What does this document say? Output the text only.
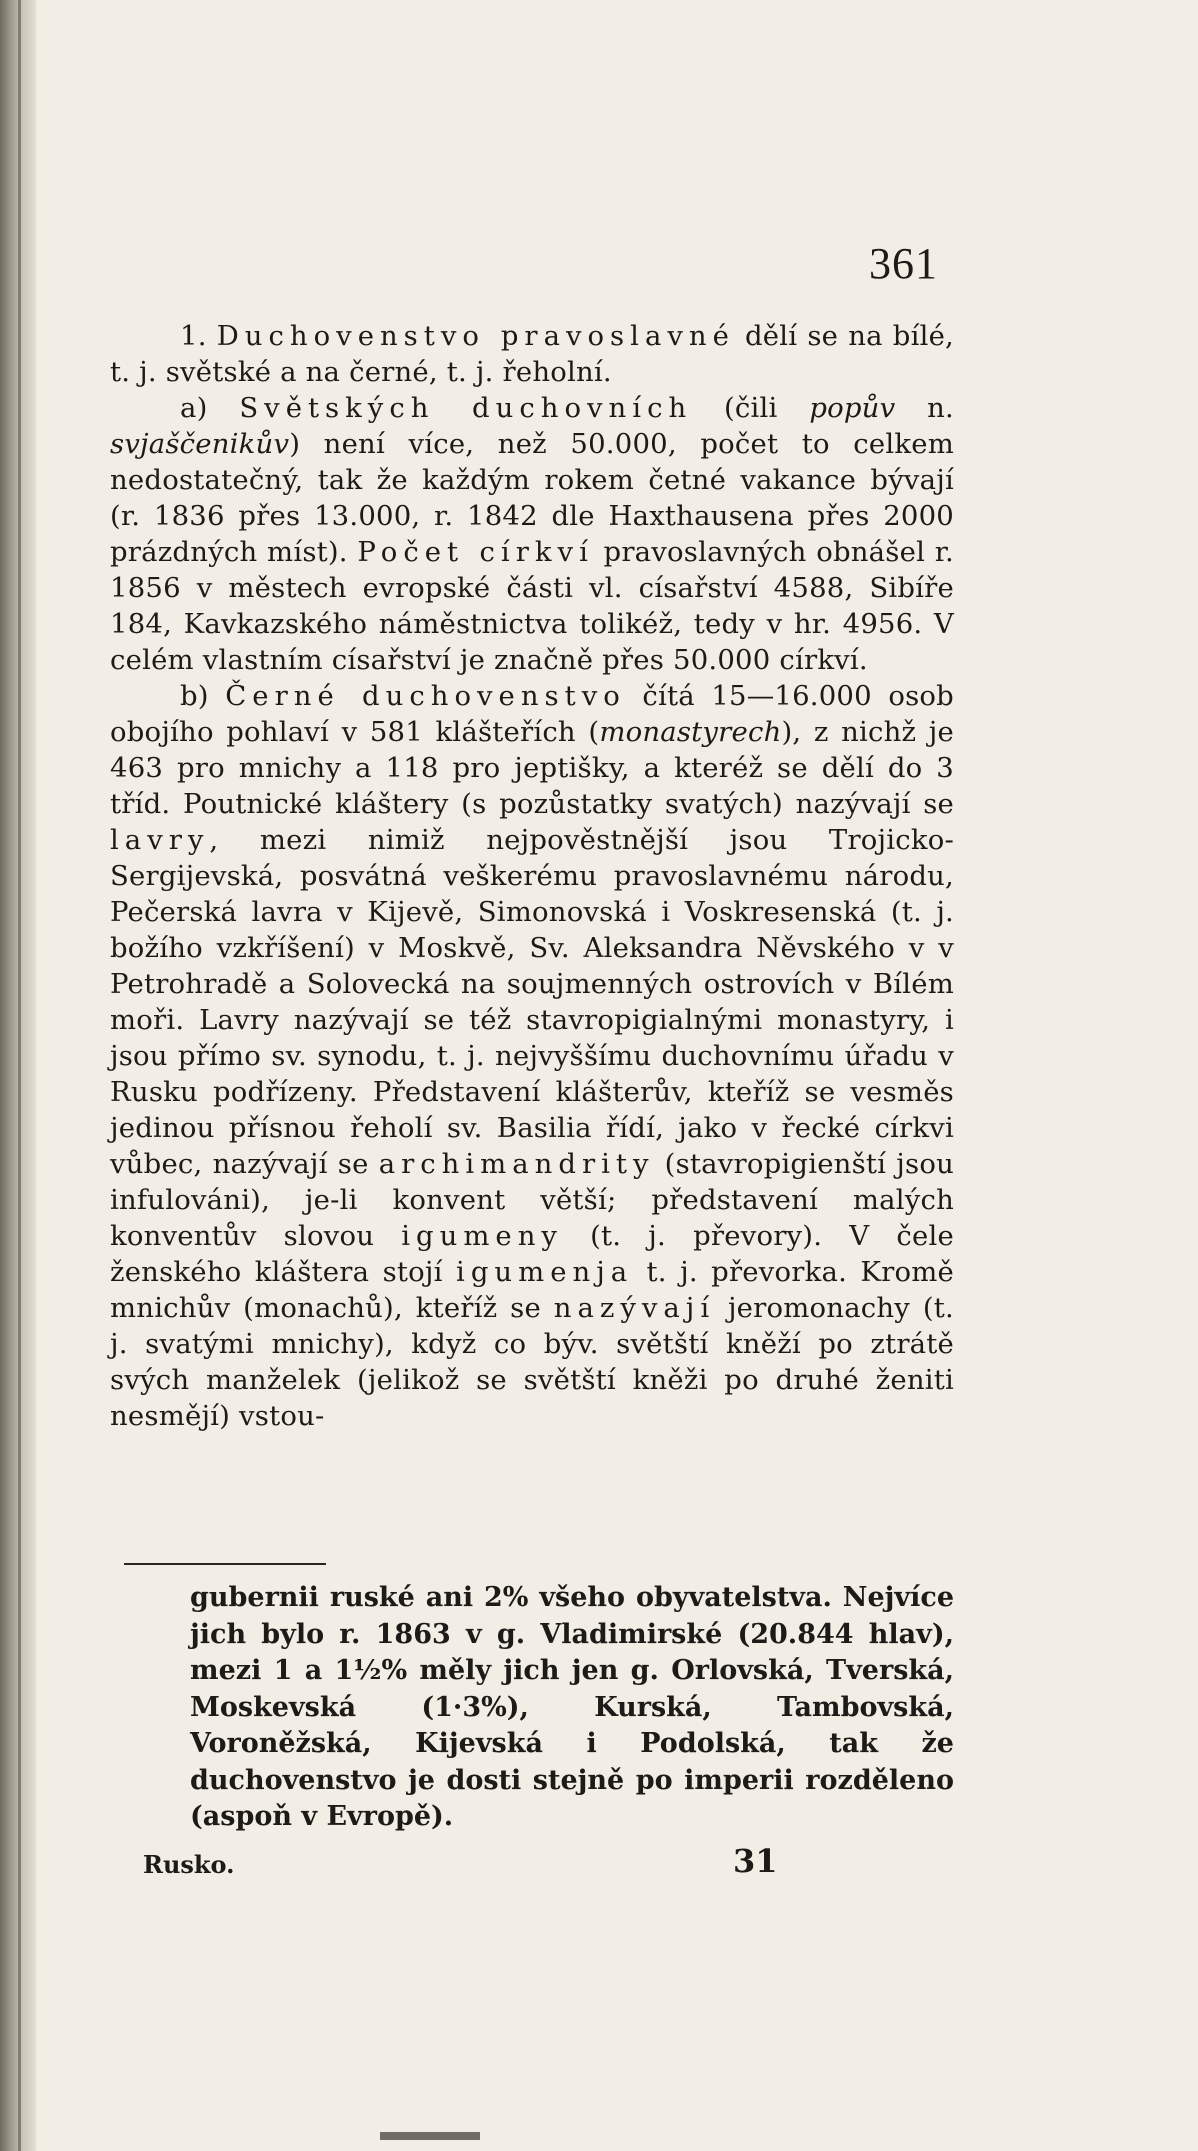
361

1. Duchovenstvo pravoslavné dělí se na bílé, t. j. světské a na černé, t. j. řeholní.

a) Světských duchovních (čili popův n. svjaščenikův) není více, než 50.000, počet to celkem nedostatečný, tak že každým rokem četné vakance bývají (r. 1836 přes 13.000, r. 1842 dle Haxthausena přes 2000 prázdných míst). Počet církví pravoslavných obnášel r. 1856 v městech evropské části vl. císařství 4588, Sibíře 184, Kavkazského náměstnictva tolikéž, tedy v hr. 4956. V celém vlastním císařství je značně přes 50.000 církví.

b) Černé duchovenstvo čítá 15—16.000 osob obojího pohlaví v 581 klášteřích (monastyrech), z nichž je 463 pro mnichy a 118 pro jeptišky, a kteréž se dělí do 3 tříd. Poutnické kláštery (s pozůstatky svatých) nazývají se lavry, mezi nimiž nejpověstnější jsou Trojicko-Sergijevská, posvátná veškerému pravoslavnému národu, Pečerská lavra v Kijevě, Simonovská i Voskresenská (t. j. božího vzkříšení) v Moskvě, Sv. Aleksandra Něvského v v Petrohradě a Solovecká na soujmenných ostrovích v Bílém moři. Lavry nazývají se též stavropigialnými monastyry, i jsou přímo sv. synodu, t. j. nejvyššímu duchovnímu úřadu v Rusku podřízeny. Představení klášterův, kteříž se vesměs jedinou přísnou řeholí sv. Basilia řídí, jako v řecké církvi vůbec, nazývají se archimandrity (stavropigienští jsou infulováni), je-li konvent větší; představení malých konventův slovou igumeny (t. j. převory). V čele ženského kláštera stojí igumenja t. j. převorka. Kromě mnichův (monachů), kteříž se nazývají jeromonachy (t. j. svatými mnichy), když co býv. světští kněží po ztrátě svých manželek (jelikož se světští kněži po druhé ženiti nesmějí) vstou-

gubernii ruské ani 2% všeho obyvatelstva. Nejvíce jich bylo r. 1863 v g. Vladimirské (20.844 hlav), mezi 1 a 1½% měly jich jen g. Orlovská, Tverská, Moskevská (1·3%), Kurská, Tambovská, Voroněžská, Kijevská i Podolská, tak že duchovenstvo je dosti stejně po imperii rozděleno (aspoň v Evropě).
Rusko.	31
